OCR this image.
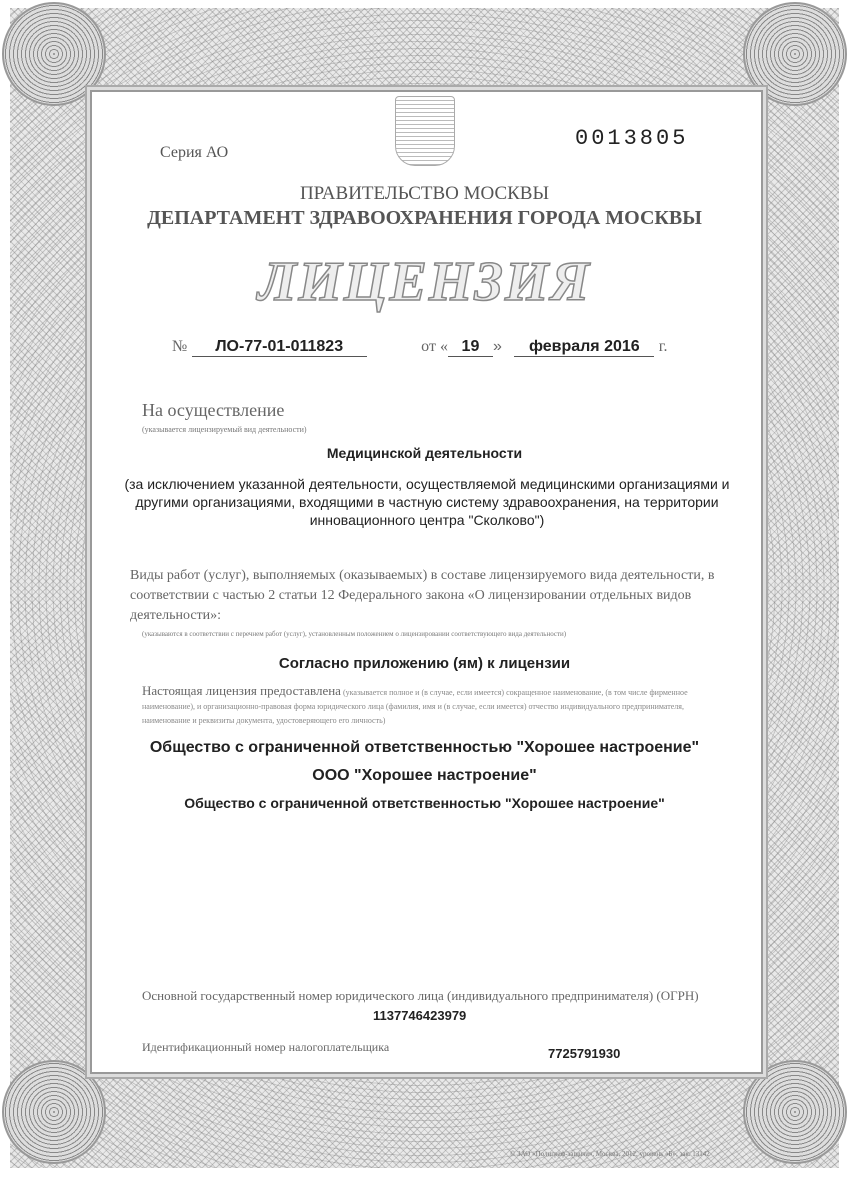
Серия АО
0013805
ПРАВИТЕЛЬСТВО МОСКВЫ
ДЕПАРТАМЕНТ ЗДРАВООХРАНЕНИЯ ГОРОДА МОСКВЫ
ЛИЦЕНЗИЯ
№ ЛО-77-01-011823	от « 19 » февраля 2016 г.
На осуществление
(указывается лицензируемый вид деятельности)
Медицинской деятельности
(за исключением указанной деятельности, осуществляемой медицинскими организациями и другими организациями, входящими в частную систему здравоохранения, на территории инновационного центра "Сколково")
Виды работ (услуг), выполняемых (оказываемых) в составе лицензируемого вида деятельности, в соответствии с частью 2 статьи 12 Федерального закона «О лицензировании отдельных видов деятельности»:
(указываются в соответствии с перечнем работ (услуг), установленным положением о лицензировании соответствующего вида деятельности)
Согласно приложению (ям) к лицензии
Настоящая лицензия предоставлена (указывается полное и (в случае, если имеется) сокращенное наименование, (в том числе фирменное наименование), и организационно-правовая форма юридического лица (фамилия, имя и (в случае, если имеется) отчество индивидуального предпринимателя, наименование и реквизиты документа, удостоверяющего его личность)
Общество с ограниченной ответственностью "Хорошее настроение"
ООО "Хорошее настроение"
Общество с ограниченной ответственностью "Хорошее настроение"
Основной государственный номер юридического лица (индивидуального предпринимателя) (ОГРН)
1137746423979
Идентификационный номер налогоплательщика	7725791930
© ЗАО «Полиграф-защита», Москва, 2012, уровень «Б», зак. 13142
